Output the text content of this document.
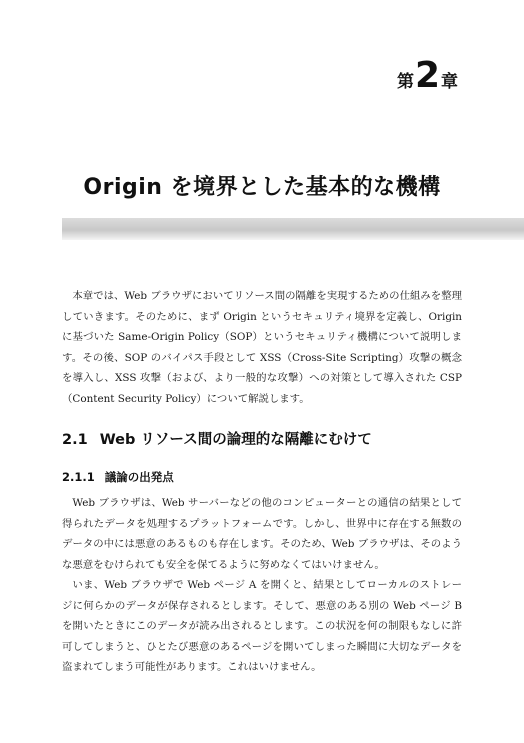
第 2 章
Origin を境界とした基本的な機構

本章では、Web ブラウザにおいてリソース間の隔離を実現するための仕組みを整理していきます。そのために、まず Origin というセキュリティ境界を定義し、Origin に基づいた Same-Origin Policy（SOP）というセキュリティ機構について説明します。その後、SOP のバイパス手段として XSS（Cross-Site Scripting）攻撃の概念を導入し、XSS 攻撃（および、より一般的な攻撃）への対策として導入された CSP（Content Security Policy）について解説します。

2.1 Web リソース間の論理的な隔離にむけて
2.1.1 議論の出発点

Web ブラウザは、Web サーバーなどの他のコンピューターとの通信の結果として得られたデータを処理するプラットフォームです。しかし、世界中に存在する無数のデータの中には悪意のあるものも存在します。そのため、Web ブラウザは、そのような悪意をむけられても安全を保てるように努めなくてはいけません。

いま、Web ブラウザで Web ページ A を開くと、結果としてローカルのストレージに何らかのデータが保存されるとします。そして、悪意のある別の Web ページ B を開いたときにこのデータが読み出されるとします。この状況を何の制限もなしに許可してしまうと、ひとたび悪意のあるページを開いてしまった瞬間に大切なデータを盗まれてしまう可能性があります。これはいけません。
